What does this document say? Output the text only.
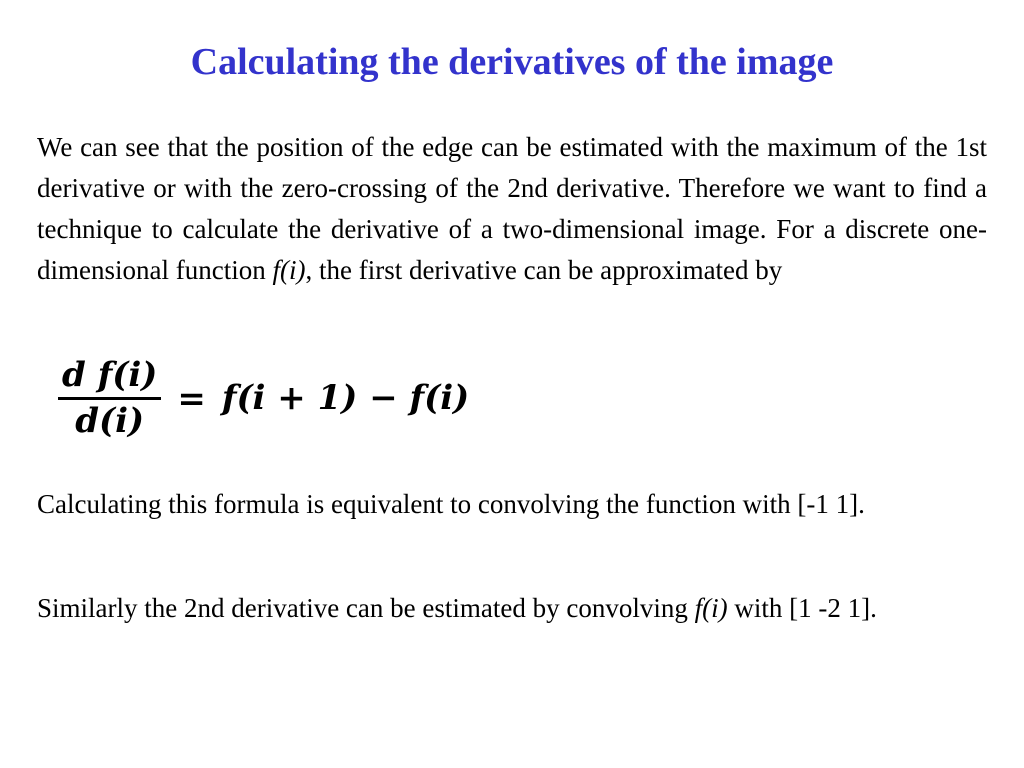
Calculating the derivatives of the image

We can see that the position of the edge can be estimated with the maximum of the 1st derivative or with the zero-crossing of the 2nd derivative. Therefore we want to find a technique to calculate the derivative of a two-dimensional image. For a discrete one-dimensional function f(i), the first derivative can be approximated by

$\frac{\text{d f(i)}}{d(i)} = f(i + 1) - f(i)$

Calculating this formula is equivalent to convolving the function with [-1 1].

Similarly the 2nd derivative can be estimated by convolving f(i) with [1 -2 1].
